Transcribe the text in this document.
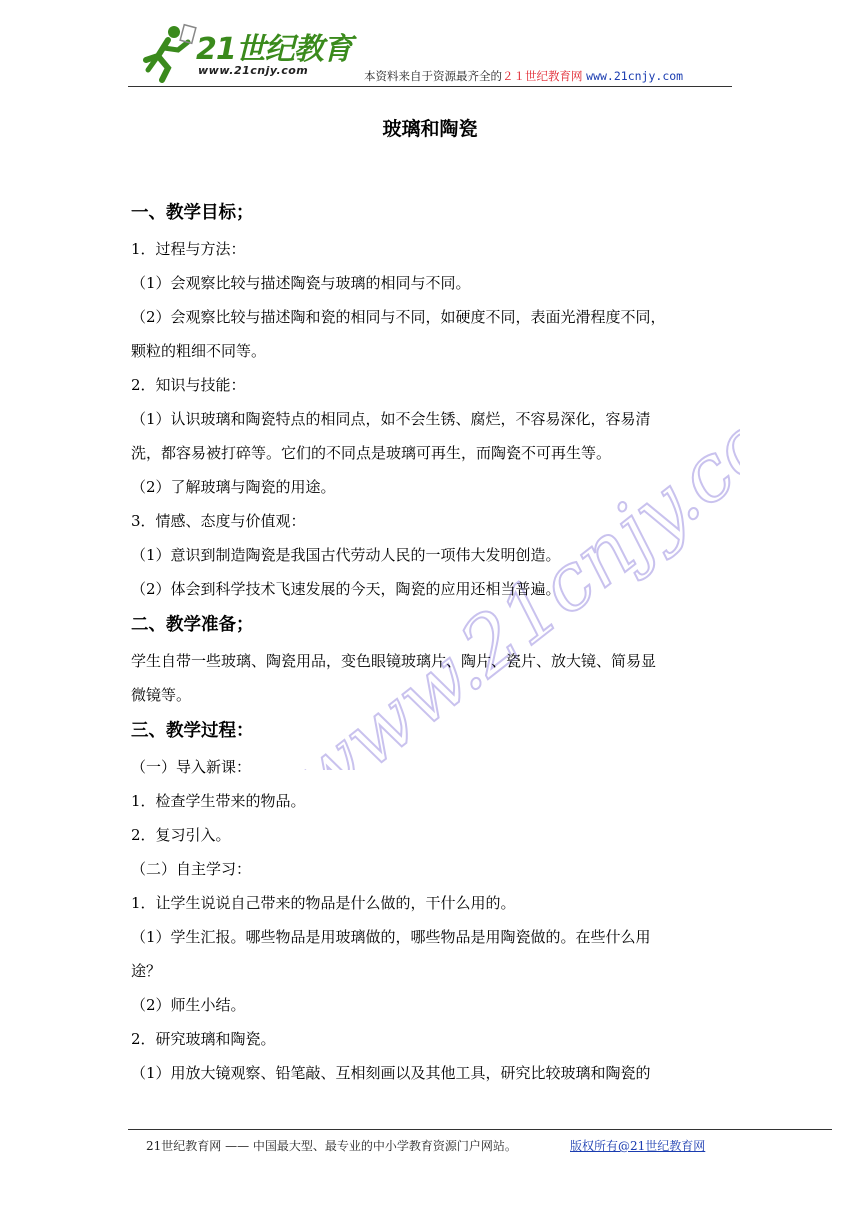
21世纪教育
www.21cnjy.com	本资料来自于资源最齐全的２１世纪教育网 www.21cnjy.com
玻璃和陶瓷
www.21cnjy.com

一、教学目标；

1．过程与方法：

（1）会观察比较与描述陶瓷与玻璃的相同与不同。

（2）会观察比较与描述陶和瓷的相同与不同，如硬度不同，表面光滑程度不同，

颗粒的粗细不同等。

2．知识与技能：

（1）认识玻璃和陶瓷特点的相同点，如不会生锈、腐烂，不容易深化，容易清

洗，都容易被打碎等。它们的不同点是玻璃可再生，而陶瓷不可再生等。

（2）了解玻璃与陶瓷的用途。

3．情感、态度与价值观：

（1）意识到制造陶瓷是我国古代劳动人民的一项伟大发明创造。

（2）体会到科学技术飞速发展的今天，陶瓷的应用还相当普遍。

二、教学准备；

学生自带一些玻璃、陶瓷用品，变色眼镜玻璃片、陶片、瓷片、放大镜、简易显

微镜等。

三、教学过程：

（一）导入新课：

1．检查学生带来的物品。

2．复习引入。

（二）自主学习：

1．让学生说说自己带来的物品是什么做的，干什么用的。

（1）学生汇报。哪些物品是用玻璃做的，哪些物品是用陶瓷做的。在些什么用

途？

（2）师生小结。

2．研究玻璃和陶瓷。

（1）用放大镜观察、铅笔敲、互相刻画以及其他工具，研究比较玻璃和陶瓷的

21世纪教育网 —— 中国最大型、最专业的中小学教育资源门户网站。	版权所有@21世纪教育网
